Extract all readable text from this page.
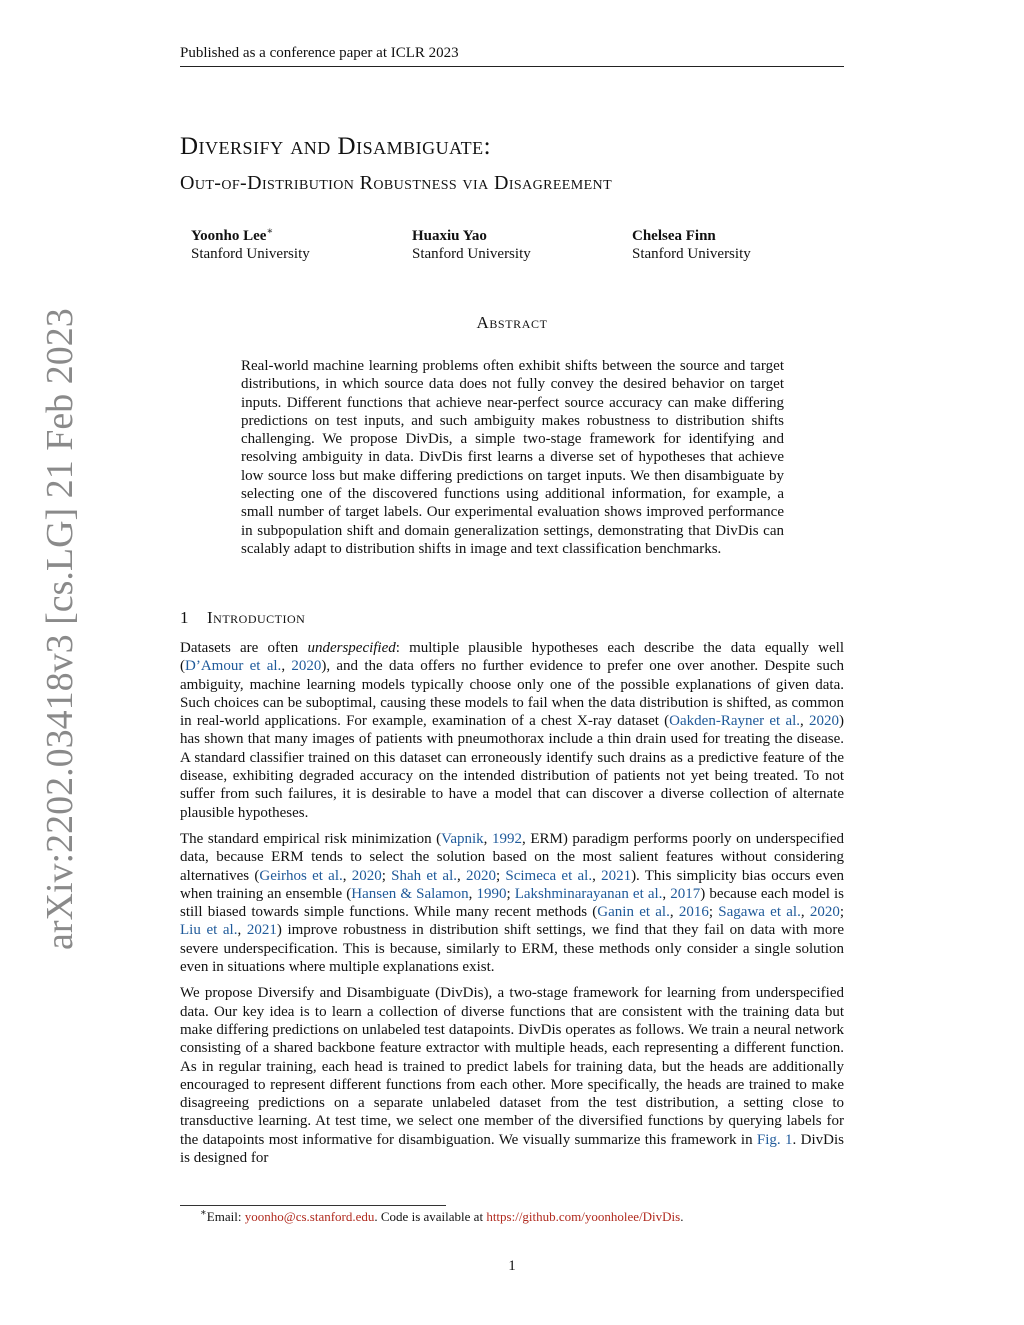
Published as a conference paper at ICLR 2023
arXiv:2202.03418v3 [cs.LG] 21 Feb 2023
Diversify and Disambiguate:
Out-of-Distribution Robustness via Disagreement
Yoonho Lee∗
Stanford University
Huaxiu Yao
Stanford University
Chelsea Finn
Stanford University
Abstract

Real-world machine learning problems often exhibit shifts between the source and target distributions, in which source data does not fully convey the desired behavior on target inputs. Different functions that achieve near-perfect source accuracy can make differing predictions on test inputs, and such ambiguity makes robustness to distribution shifts challenging. We propose DivDis, a simple two-stage framework for identifying and resolving ambiguity in data. DivDis first learns a diverse set of hypotheses that achieve low source loss but make differing predictions on target inputs. We then disambiguate by selecting one of the discovered functions using additional information, for example, a small number of target labels. Our experimental evaluation shows improved performance in subpopulation shift and domain generalization settings, demonstrating that DivDis can scalably adapt to distribution shifts in image and text classification benchmarks.

1 Introduction

Datasets are often underspecified: multiple plausible hypotheses each describe the data equally well (D’Amour et al., 2020), and the data offers no further evidence to prefer one over another. Despite such ambiguity, machine learning models typically choose only one of the possible explanations of given data. Such choices can be suboptimal, causing these models to fail when the data distribution is shifted, as common in real-world applications. For example, examination of a chest X-ray dataset (Oakden-Rayner et al., 2020) has shown that many images of patients with pneumothorax include a thin drain used for treating the disease. A standard classifier trained on this dataset can erroneously identify such drains as a predictive feature of the disease, exhibiting degraded accuracy on the intended distribution of patients not yet being treated. To not suffer from such failures, it is desirable to have a model that can discover a diverse collection of alternate plausible hypotheses.

The standard empirical risk minimization (Vapnik, 1992, ERM) paradigm performs poorly on underspecified data, because ERM tends to select the solution based on the most salient features without considering alternatives (Geirhos et al., 2020; Shah et al., 2020; Scimeca et al., 2021). This simplicity bias occurs even when training an ensemble (Hansen & Salamon, 1990; Lakshminarayanan et al., 2017) because each model is still biased towards simple functions. While many recent methods (Ganin et al., 2016; Sagawa et al., 2020; Liu et al., 2021) improve robustness in distribution shift settings, we find that they fail on data with more severe underspecification. This is because, similarly to ERM, these methods only consider a single solution even in situations where multiple explanations exist.

We propose Diversify and Disambiguate (DivDis), a two-stage framework for learning from underspecified data. Our key idea is to learn a collection of diverse functions that are consistent with the training data but make differing predictions on unlabeled test datapoints. DivDis operates as follows. We train a neural network consisting of a shared backbone feature extractor with multiple heads, each representing a different function. As in regular training, each head is trained to predict labels for training data, but the heads are additionally encouraged to represent different functions from each other. More specifically, the heads are trained to make disagreeing predictions on a separate unlabeled dataset from the test distribution, a setting close to transductive learning. At test time, we select one member of the diversified functions by querying labels for the datapoints most informative for disambiguation. We visually summarize this framework in Fig. 1. DivDis is designed for

∗Email: yoonho@cs.stanford.edu. Code is available at https://github.com/yoonholee/DivDis.
1
